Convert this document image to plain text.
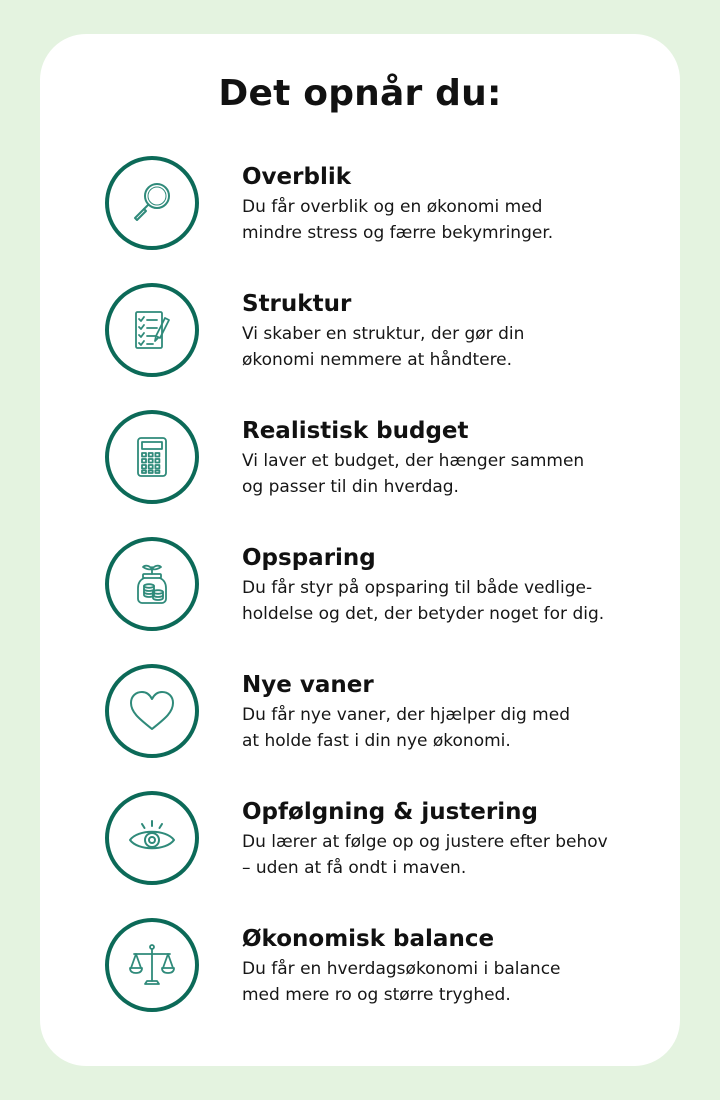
Det opnår du:
Overblik
Du får overblik og en økonomi med
mindre stress og færre bekymringer.
Struktur
Vi skaber en struktur, der gør din
økonomi nemmere at håndtere.
Realistisk budget
Vi laver et budget, der hænger sammen
og passer til din hverdag.
Opsparing
Du får styr på opsparing til både vedlige-
holdelse og det, der betyder noget for dig.
Nye vaner
Du får nye vaner, der hjælper dig med
at holde fast i din nye økonomi.
Opfølgning & justering
Du lærer at følge op og justere efter behov
– uden at få ondt i maven.
Økonomisk balance
Du får en hverdagsøkonomi i balance
med mere ro og større tryghed.
